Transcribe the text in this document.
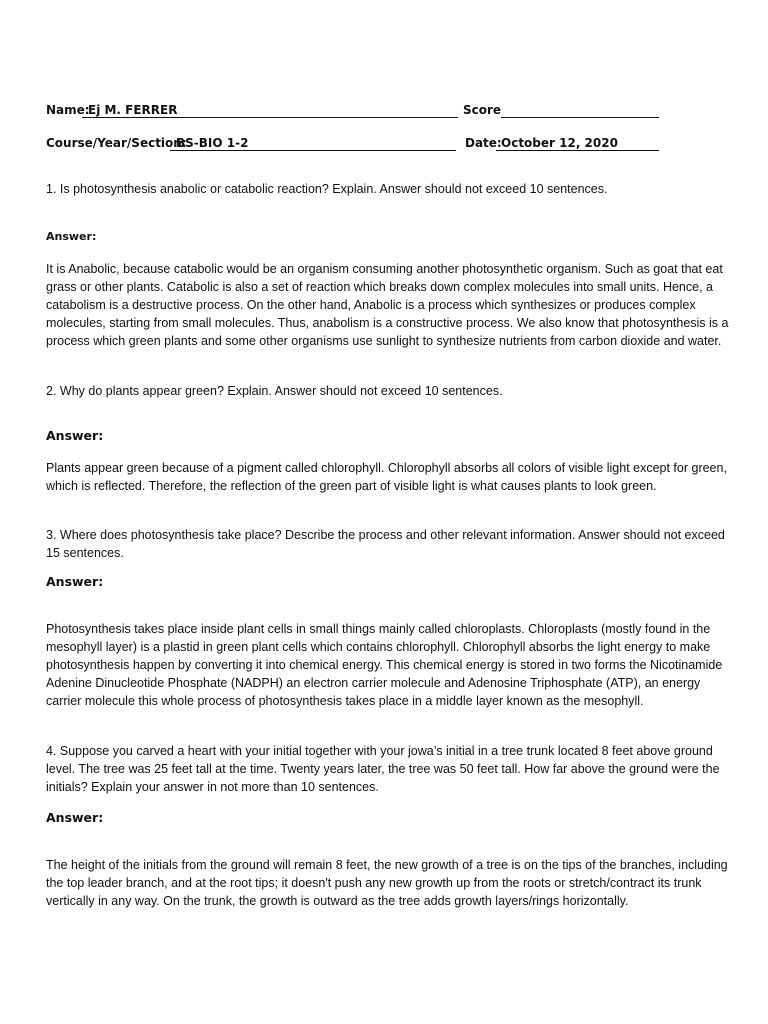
Name:
Ej M. FERRER	Score
Course/Year/Section:
BS-BIO 1-2	Date: October 12, 2020
1. Is photosynthesis anabolic or catabolic reaction? Explain. Answer should not exceed 10 sentences.
Answer:
It is Anabolic, because catabolic would be an organism consuming another photosynthetic organism. Such as goat that eat grass or other plants. Catabolic is also a set of reaction which breaks down complex molecules into small units. Hence, a catabolism is a destructive process. On the other hand, Anabolic is a process which synthesizes or produces complex molecules, starting from small molecules. Thus, anabolism is a constructive process. We also know that photosynthesis is a process which green plants and some other organisms use sunlight to synthesize nutrients from carbon dioxide and water.
2. Why do plants appear green? Explain. Answer should not exceed 10 sentences.
Answer:
Plants appear green because of a pigment called chlorophyll. Chlorophyll absorbs all colors of visible light except for green, which is reflected. Therefore, the reflection of the green part of visible light is what causes plants to look green.
3. Where does photosynthesis take place? Describe the process and other relevant information. Answer should not exceed 15 sentences.
Answer:
Photosynthesis takes place inside plant cells in small things mainly called chloroplasts. Chloroplasts (mostly found in the mesophyll layer) is a plastid in green plant cells which contains chlorophyll. Chlorophyll absorbs the light energy to make photosynthesis happen by converting it into chemical energy. This chemical energy is stored in two forms the Nicotinamide Adenine Dinucleotide Phosphate (NADPH) an electron carrier molecule and Adenosine Triphosphate (ATP), an energy carrier molecule this whole process of photosynthesis takes place in a middle layer known as the mesophyll.
4. Suppose you carved a heart with your initial together with your jowa’s initial in a tree trunk located 8 feet above ground level. The tree was 25 feet tall at the time. Twenty years later, the tree was 50 feet tall. How far above the ground were the initials? Explain your answer in not more than 10 sentences.
Answer:
The height of the initials from the ground will remain 8 feet, the new growth of a tree is on the tips of the branches, including the top leader branch, and at the root tips; it doesn't push any new growth up from the roots or stretch/contract its trunk vertically in any way. On the trunk, the growth is outward as the tree adds growth layers/rings horizontally.
